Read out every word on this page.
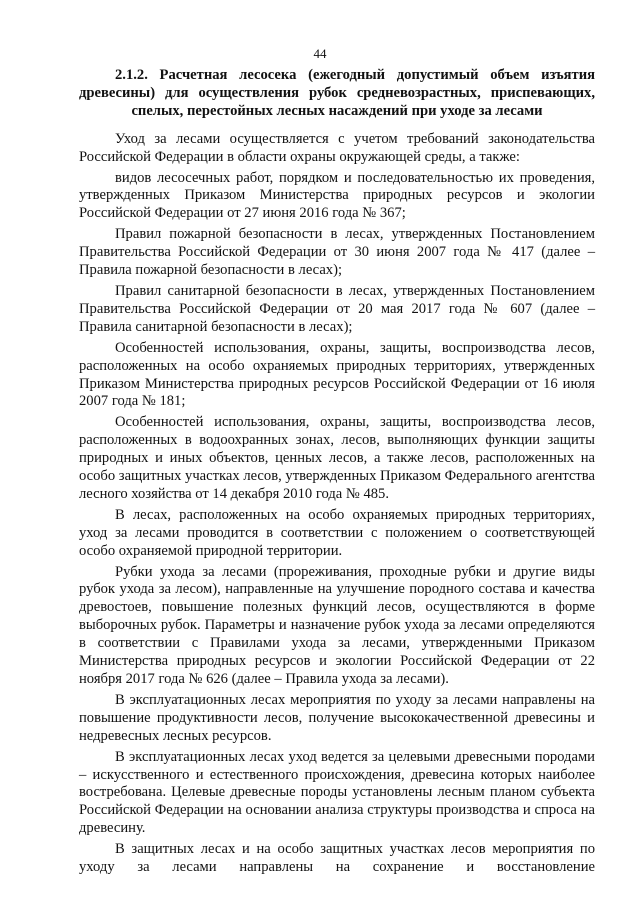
44

2.1.2. Расчетная лесосека (ежегодный допустимый объем изъятия древесины) для осуществления рубок средневозрастных, приспевающих, спелых, перестойных лесных насаждений при уходе за лесами

Уход за лесами осуществляется с учетом требований законодательства Российской Федерации в области охраны окружающей среды, а также:

видов лесосечных работ, порядком и последовательностью их проведения, утвержденных Приказом Министерства природных ресурсов и экологии Российской Федерации от 27 июня 2016 года № 367;

Правил пожарной безопасности в лесах, утвержденных Постановлением Правительства Российской Федерации от 30 июня 2007 года № 417 (далее – Правила пожарной безопасности в лесах);

Правил санитарной безопасности в лесах, утвержденных Постановлением Правительства Российской Федерации от 20 мая 2017 года № 607 (далее – Правила санитарной безопасности в лесах);

Особенностей использования, охраны, защиты, воспроизводства лесов, расположенных на особо охраняемых природных территориях, утвержденных Приказом Министерства природных ресурсов Российской Федерации от 16 июля 2007 года № 181;

Особенностей использования, охраны, защиты, воспроизводства лесов, расположенных в водоохранных зонах, лесов, выполняющих функции защиты природных и иных объектов, ценных лесов, а также лесов, расположенных на особо защитных участках лесов, утвержденных Приказом Федерального агентства лесного хозяйства от 14 декабря 2010 года № 485.

В лесах, расположенных на особо охраняемых природных территориях, уход за лесами проводится в соответствии с положением о соответствующей особо охраняемой природной территории.

Рубки ухода за лесами (прореживания, проходные рубки и другие виды рубок ухода за лесом), направленные на улучшение породного состава и качества древостоев, повышение полезных функций лесов, осуществляются в форме выборочных рубок. Параметры и назначение рубок ухода за лесами определяются в соответствии с Правилами ухода за лесами, утвержденными Приказом Министерства природных ресурсов и экологии Российской Федерации от 22 ноября 2017 года № 626 (далее – Правила ухода за лесами).

В эксплуатационных лесах мероприятия по уходу за лесами направлены на повышение продуктивности лесов, получение высококачественной древесины и недревесных лесных ресурсов.

В эксплуатационных лесах уход ведется за целевыми древесными породами – искусственного и естественного происхождения, древесина которых наиболее востребована. Целевые древесные породы установлены лесным планом субъекта Российской Федерации на основании анализа структуры производства и спроса на древесину.

В защитных лесах и на особо защитных участках лесов мероприятия по уходу за лесами направлены на сохранение и восстановление
